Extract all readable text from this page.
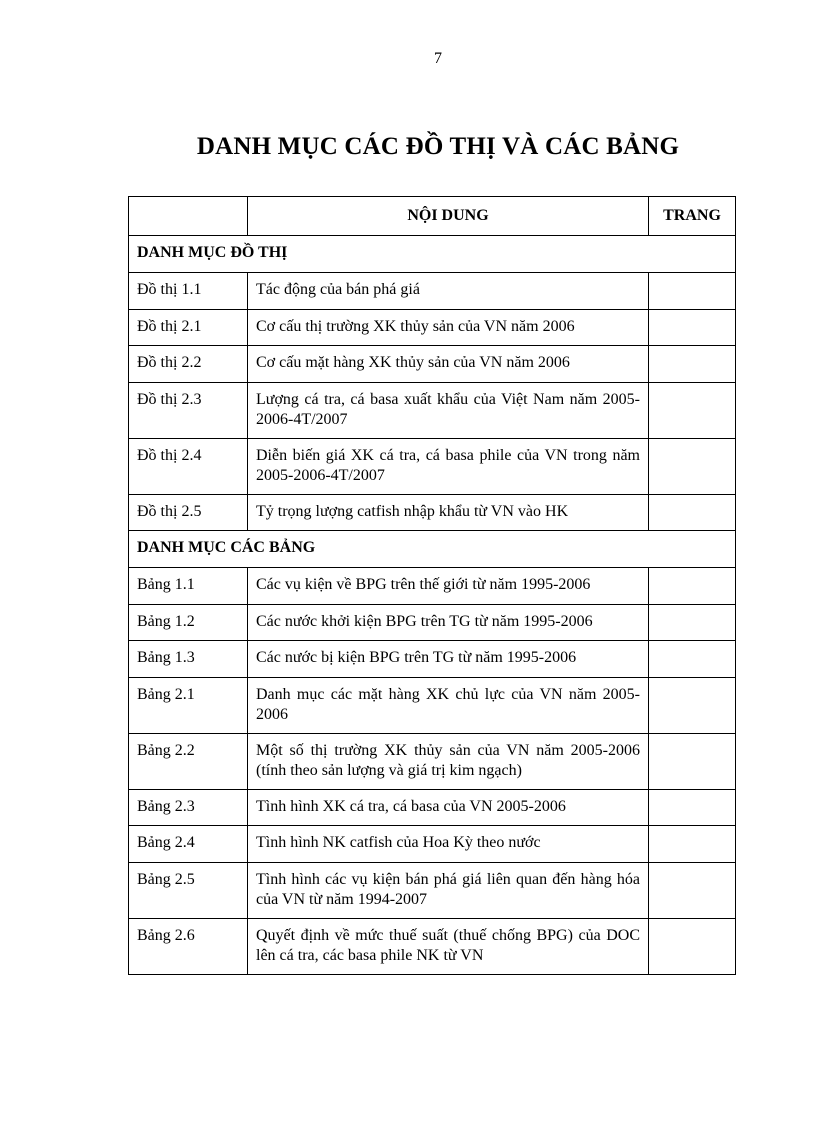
7
DANH MỤC CÁC ĐỒ THỊ VÀ CÁC BẢNG
	NỘI DUNG	TRANG
DANH MỤC ĐỒ THỊ		
Đồ thị 1.1	Tác động của bán phá giá	
Đồ thị 2.1	Cơ cấu thị trường XK thủy sản của VN năm 2006	
Đồ thị 2.2	Cơ cấu mặt hàng XK thủy sản của VN năm 2006	
Đồ thị 2.3	Lượng cá tra, cá basa xuất khẩu của Việt Nam năm 2005-2006-4T/2007	
Đồ thị 2.4	Diễn biến giá XK cá tra, cá basa phile của VN trong năm 2005-2006-4T/2007	
Đồ thị 2.5	Tỷ trọng lượng catfish nhập khẩu từ VN vào HK	
DANH MỤC CÁC BẢNG		
Bảng 1.1	Các vụ kiện về BPG trên thế giới từ năm 1995-2006	
Bảng 1.2	Các nước khởi kiện BPG trên TG từ năm 1995-2006	
Bảng 1.3	Các nước bị kiện BPG trên TG từ năm 1995-2006	
Bảng 2.1	Danh mục các mặt hàng XK chủ lực của VN năm 2005-2006	
Bảng 2.2	Một số thị trường XK thủy sản của VN năm 2005-2006 (tính theo sản lượng và giá trị kim ngạch)	
Bảng 2.3	Tình hình XK cá tra, cá basa của VN 2005-2006	
Bảng 2.4	Tình hình NK catfish của Hoa Kỳ theo nước	
Bảng 2.5	Tình hình các vụ kiện bán phá giá liên quan đến hàng hóa của VN từ năm 1994-2007	
Bảng 2.6	Quyết định về mức thuế suất (thuế chống BPG) của DOC lên cá tra, các basa phile NK từ VN	
